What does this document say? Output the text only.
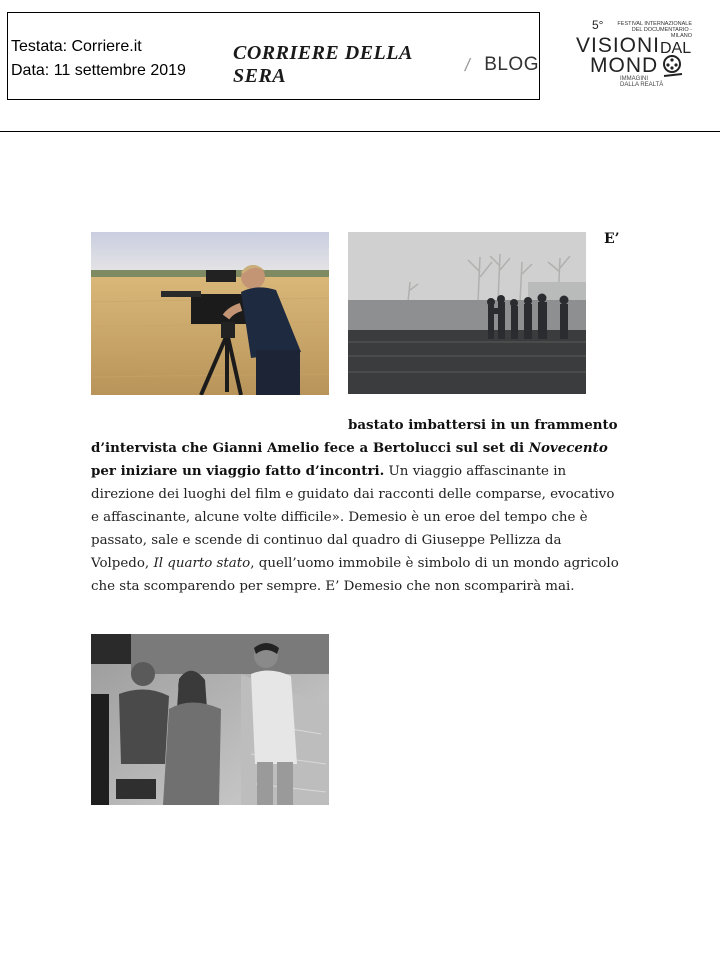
Testata: Corriere.it
Data: 11 settembre 2019
CORRIERE DELLA SERA
/ BLOG
5°	FESTIVAL INTERNAZIONALE
DEL DOCUMENTARIO - MILANO
VISIONI DAL
MOND
IMMAGINI
DALLA REALTÀ
E’
bastato imbattersi in un frammento
d’intervista che Gianni Amelio fece a Bertolucci sul set di Novecento per iniziare un viaggio fatto d’incontri. Un viaggio affascinante in direzione dei luoghi del film e guidato dai racconti delle comparse, evocativo e affascinante, alcune volte difficile». Demesio è un eroe del tempo che è passato, sale e scende di continuo dal quadro di Giuseppe Pellizza da Volpedo, Il quarto stato, quell’uomo immobile è simbolo di un mondo agricolo che sta scomparendo per sempre. E’ Demesio che non scomparirà mai.
